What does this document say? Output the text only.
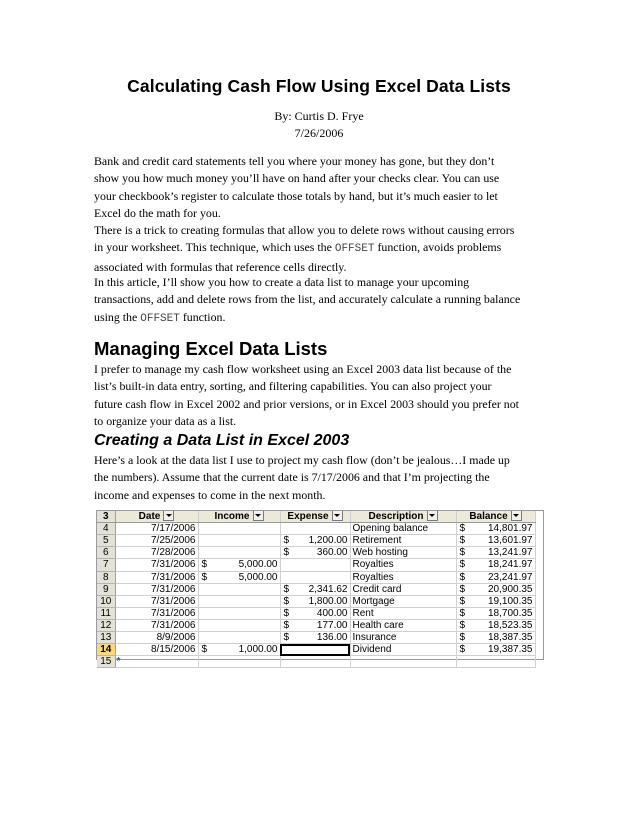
Calculating Cash Flow Using Excel Data Lists
By: Curtis D. Frye
7/26/2006

Bank and credit card statements tell you where your money has gone, but they don’t
show you how much money you’ll have on hand after your checks clear. You can use
your checkbook’s register to calculate those totals by hand, but it’s much easier to let
Excel do the math for you.

There is a trick to creating formulas that allow you to delete rows without causing errors
in your worksheet. This technique, which uses the OFFSET function, avoids problems
associated with formulas that reference cells directly.

In this article, I’ll show you how to create a data list to manage your upcoming
transactions, add and delete rows from the list, and accurately calculate a running balance
using the OFFSET function.

Managing Excel Data Lists

I prefer to manage my cash flow worksheet using an Excel 2003 data list because of the
list’s built-in data entry, sorting, and filtering capabilities. You can also project your
future cash flow in Excel 2002 and prior versions, or in Excel 2003 should you prefer not
to organize your data as a list.

Creating a Data List in Excel 2003

Here’s a look at the data list I use to project my cash flow (don’t be jealous…I made up
the numbers). Assume that the current date is 7/17/2006 and that I’m projecting the
income and expenses to come in the next month.

3	Date	Income	Expense	Description	Balance
4	7/17/2006			Opening balance	$ 14,801.97
5	7/25/2006		$ 1,200.00	Retirement	$ 13,601.97
6	7/28/2006		$ 360.00	Web hosting	$ 13,241.97
7	7/31/2006	$ 5,000.00		Royalties	$ 18,241.97
8	7/31/2006	$ 5,000.00		Royalties	$ 23,241.97
9	7/31/2006		$ 2,341.62	Credit card	$ 20,900.35
10	7/31/2006		$ 1,800.00	Mortgage	$ 19,100.35
11	7/31/2006		$ 400.00	Rent	$ 18,700.35
12	7/31/2006		$ 177.00	Health care	$ 18,523.35
13	8/9/2006		$ 136.00	Insurance	$ 18,387.35
14	8/15/2006	$ 1,000.00		Dividend	$ 19,387.35
15	*				
